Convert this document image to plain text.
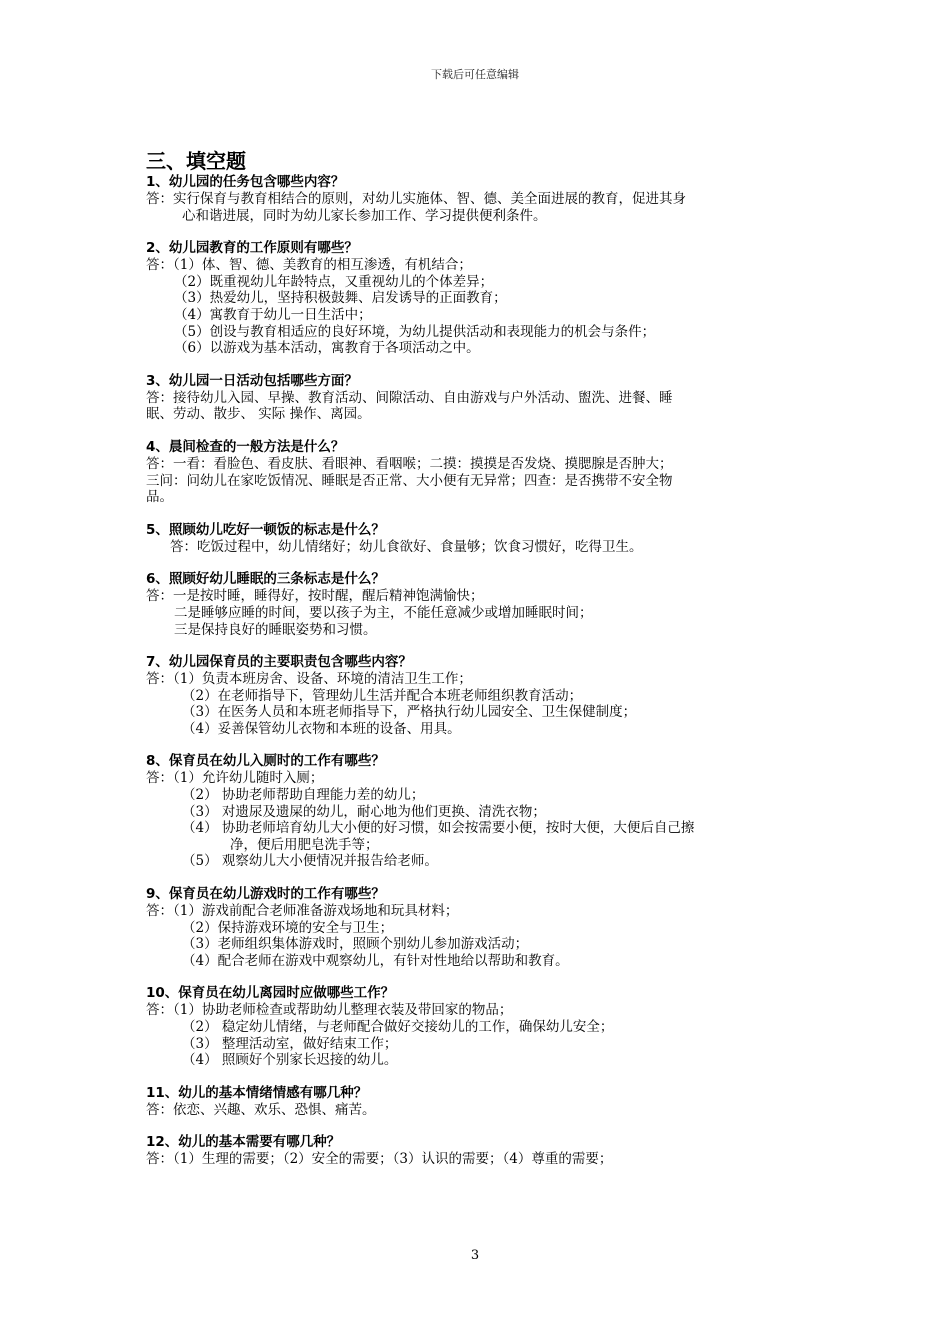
下载后可任意编辑
三、填空题

1、幼儿园的任务包含哪些内容？

答：实行保育与教育相结合的原则，对幼儿实施体、智、德、美全面进展的教育，促进其身

心和谐进展，同时为幼儿家长参加工作、学习提供便利条件。

2、幼儿园教育的工作原则有哪些？

答：（1）体、智、德、美教育的相互渗透，有机结合；

（2）既重视幼儿年龄特点，又重视幼儿的个体差异；

（3）热爱幼儿，坚持积极鼓舞、启发诱导的正面教育；

（4）寓教育于幼儿一日生活中；

（5）创设与教育相适应的良好环境，为幼儿提供活动和表现能力的机会与条件；

（6）以游戏为基本活动，寓教育于各项活动之中。

3、幼儿园一日活动包括哪些方面？

答：接待幼儿入园、早操、教育活动、间隙活动、自由游戏与户外活动、盥洗、进餐、睡

眠、劳动、散步、 实际 操作、离园。

4、晨间检查的一般方法是什么？

答：一看：看脸色、看皮肤、看眼神、看咽喉；二摸：摸摸是否发烧、摸腮腺是否肿大；

三问：问幼儿在家吃饭情况、睡眠是否正常、大小便有无异常；四查：是否携带不安全物

品。

5、照顾幼儿吃好一顿饭的标志是什么？

答：吃饭过程中，幼儿情绪好；幼儿食欲好、食量够；饮食习惯好，吃得卫生。

6、照顾好幼儿睡眠的三条标志是什么？

答：一是按时睡，睡得好，按时醒，醒后精神饱满愉快；

二是睡够应睡的时间，要以孩子为主，不能任意减少或增加睡眠时间；

三是保持良好的睡眠姿势和习惯。

7、幼儿园保育员的主要职责包含哪些内容？

答：（1）负责本班房舍、设备、环境的清洁卫生工作；

（2）在老师指导下，管理幼儿生活并配合本班老师组织教育活动；

（3）在医务人员和本班老师指导下，严格执行幼儿园安全、卫生保健制度；

（4）妥善保管幼儿衣物和本班的设备、用具。

8、保育员在幼儿入厕时的工作有哪些？

答：（1）允许幼儿随时入厕；

（2） 协助老师帮助自理能力差的幼儿；

（3） 对遗尿及遗屎的幼儿，耐心地为他们更换、清洗衣物；

（4） 协助老师培育幼儿大小便的好习惯，如会按需要小便，按时大便，大便后自己擦

净，便后用肥皂洗手等；

（5） 观察幼儿大小便情况并报告给老师。

9、保育员在幼儿游戏时的工作有哪些？

答：（1）游戏前配合老师准备游戏场地和玩具材料；

（2）保持游戏环境的安全与卫生；

（3）老师组织集体游戏时，照顾个别幼儿参加游戏活动；

（4）配合老师在游戏中观察幼儿，有针对性地给以帮助和教育。

10、保育员在幼儿离园时应做哪些工作？

答：（1）协助老师检查或帮助幼儿整理衣装及带回家的物品；

（2） 稳定幼儿情绪，与老师配合做好交接幼儿的工作，确保幼儿安全；

（3） 整理活动室，做好结束工作；

（4） 照顾好个别家长迟接的幼儿。

11、幼儿的基本情绪情感有哪几种？

答：依恋、兴趣、欢乐、恐惧、痛苦。

12、幼儿的基本需要有哪几种？

答：（1）生理的需要；（2）安全的需要；（3）认识的需要；（4）尊重的需要；

3
